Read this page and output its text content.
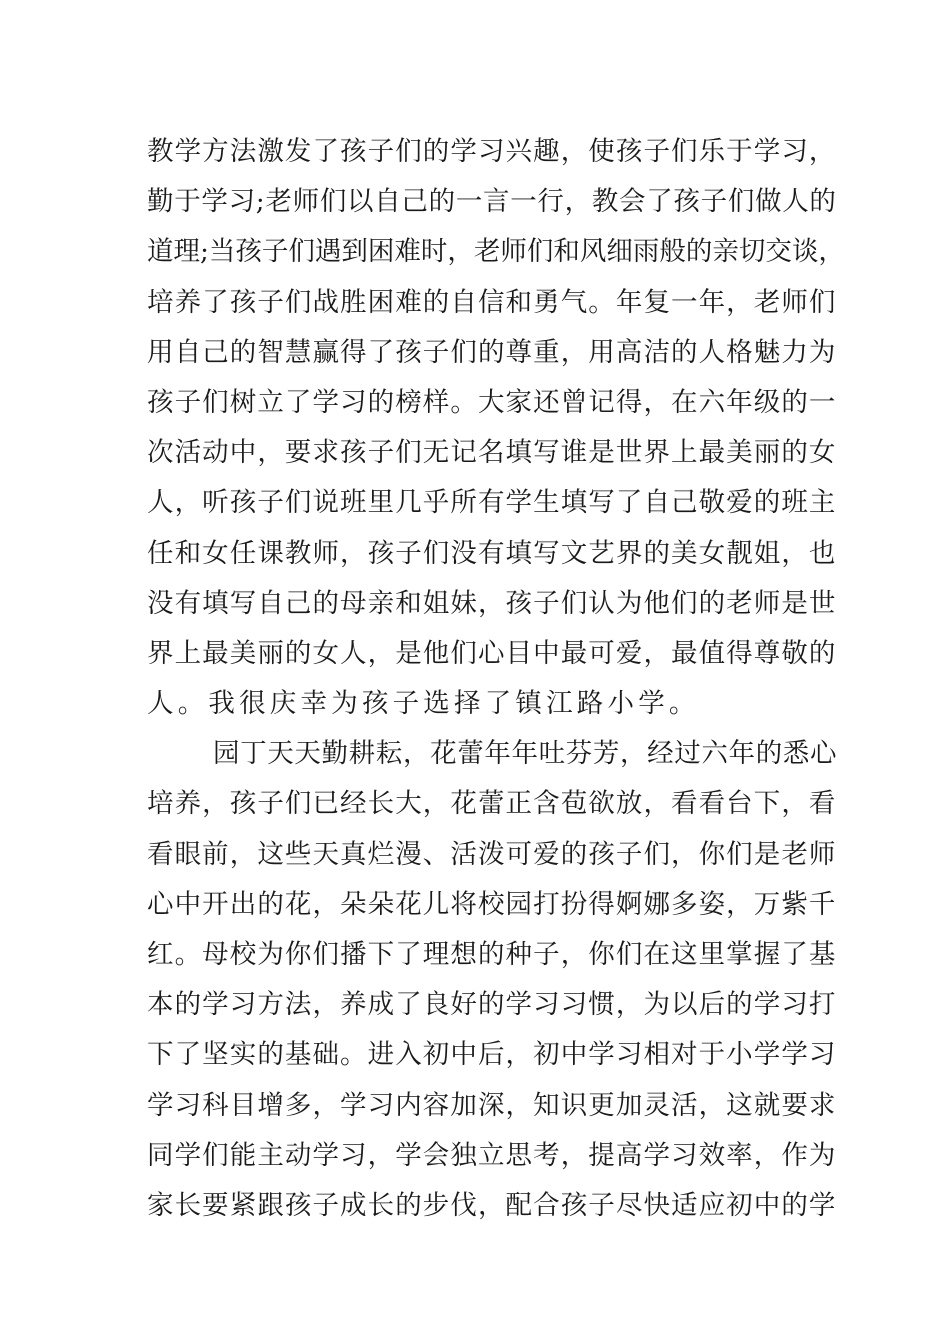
教学方法激发了孩子们的学习兴趣，使孩子们乐于学习，
勤于学习;老师们以自己的一言一行，教会了孩子们做人的
道理;当孩子们遇到困难时，老师们和风细雨般的亲切交谈，
培养了孩子们战胜困难的自信和勇气。年复一年，老师们
用自己的智慧赢得了孩子们的尊重，用高洁的人格魅力为
孩子们树立了学习的榜样。大家还曾记得，在六年级的一
次活动中，要求孩子们无记名填写谁是世界上最美丽的女
人，听孩子们说班里几乎所有学生填写了自己敬爱的班主
任和女任课教师，孩子们没有填写文艺界的美女靓姐，也
没有填写自己的母亲和姐妹，孩子们认为他们的老师是世
界上最美丽的女人，是他们心目中最可爱，最值得尊敬的
人。我很庆幸为孩子选择了镇江路小学。
园丁天天勤耕耘，花蕾年年吐芬芳，经过六年的悉心
培养，孩子们已经长大，花蕾正含苞欲放，看看台下，看
看眼前，这些天真烂漫、活泼可爱的孩子们，你们是老师
心中开出的花，朵朵花儿将校园打扮得婀娜多姿，万紫千
红。母校为你们播下了理想的种子，你们在这里掌握了基
本的学习方法，养成了良好的学习习惯，为以后的学习打
下了坚实的基础。进入初中后，初中学习相对于小学学习
学习科目增多，学习内容加深，知识更加灵活，这就要求
同学们能主动学习，学会独立思考，提高学习效率，作为
家长要紧跟孩子成长的步伐，配合孩子尽快适应初中的学
